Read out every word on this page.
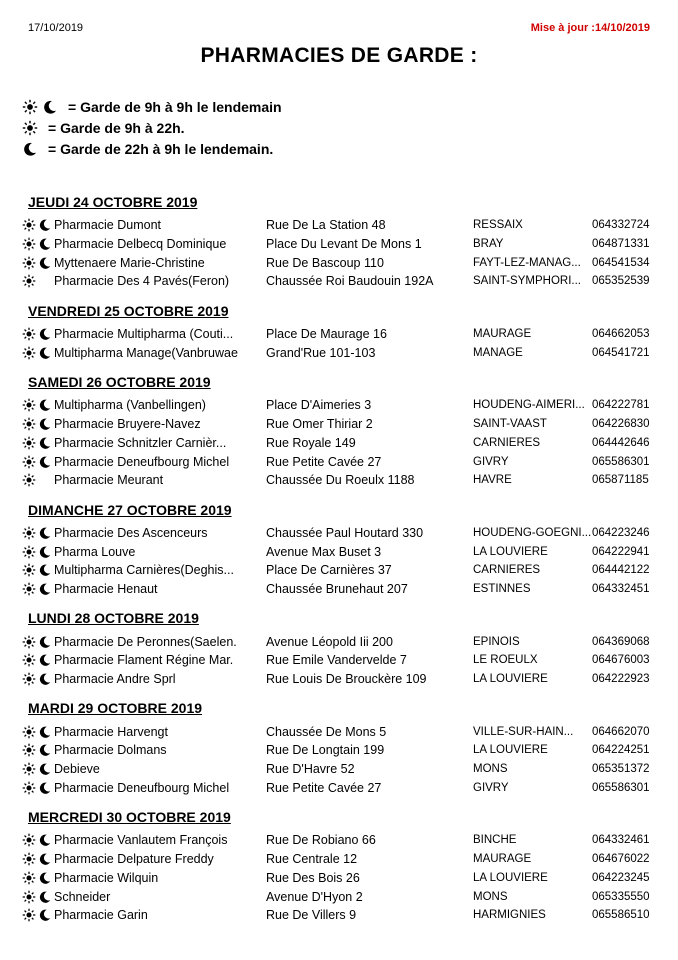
17/10/2019	Mise à jour :14/10/2019
PHARMACIES DE GARDE :
= Garde de 9h à 9h le lendemain
= Garde de 9h à 22h.
= Garde de 22h à 9h le lendemain.
JEUDI 24 OCTOBRE 2019
Pharmacie Dumont	Rue De La Station 48	RESSAIX	064332724
Pharmacie Delbecq Dominique	Place Du Levant De Mons 1	BRAY	064871331
Myttenaere Marie-Christine	Rue De Bascoup 110	FAYT-LEZ-MANAG... 064541534
Pharmacie Des 4 Pavés(Feron)	Chaussée Roi Baudouin 192A	SAINT-SYMPHORI... 065352539
VENDREDI 25 OCTOBRE 2019
Pharmacie Multipharma (Couti...	Place De Maurage 16	MAURAGE	064662053
Multipharma Manage(Vanbruwae	Grand'Rue 101-103	MANAGE	064541721
SAMEDI 26 OCTOBRE 2019
Multipharma (Vanbellingen)	Place D'Aimeries 3	HOUDENG-AIMERI... 064222781
Pharmacie Bruyere-Navez	Rue Omer Thiriar 2	SAINT-VAAST	064226830
Pharmacie Schnitzler Carnièr...	Rue Royale 149	CARNIÈRES	064442646
Pharmacie Deneufbourg Michel	Rue Petite Cavée 27	GIVRY	065586301
Pharmacie Meurant	Chaussée Du Roeulx 1188	HAVRÉ	065871185
DIMANCHE 27 OCTOBRE 2019
Pharmacie Des Ascenceurs	Chaussée Paul Houtard 330	HOUDENG-GOEGNI... 064223246
Pharma Louve	Avenue Max Buset 3	LA LOUVIERE	064222941
Multipharma Carnières(Deghis...	Place De Carnières 37	CARNIÈRES	064442122
Pharmacie Henaut	Chaussée Brunehaut 207	ESTINNES	064332451
LUNDI 28 OCTOBRE 2019
Pharmacie De Peronnes(Saelen.	Avenue Léopold Iii 200	EPINOIS	064369068
Pharmacie Flament Régine Mar.	Rue Emile Vandervelde 7	LE ROEULX	064676003
Pharmacie Andre Sprl	Rue Louis De Brouckère 109	LA LOUVIERE	064222923
MARDI 29 OCTOBRE 2019
Pharmacie Harvengt	Chaussée De Mons 5	VILLE-SUR-HAIN...	064662070
Pharmacie Dolmans	Rue De Longtain 199	LA LOUVIERE	064224251
Debieve	Rue D'Havre 52	MONS	065351372
Pharmacie Deneufbourg Michel	Rue Petite Cavée 27	GIVRY	065586301
MERCREDI 30 OCTOBRE 2019
Pharmacie Vanlautem François	Rue De Robiano 66	BINCHE	064332461
Pharmacie Delpature Freddy	Rue Centrale 12	MAURAGE	064676022
Pharmacie Wilquin	Rue Des Bois 26	LA LOUVIERE	064223245
Schneider	Avenue D'Hyon 2	MONS	065335550
Pharmacie Garin	Rue De Villers 9	HARMIGNIES	065586510
